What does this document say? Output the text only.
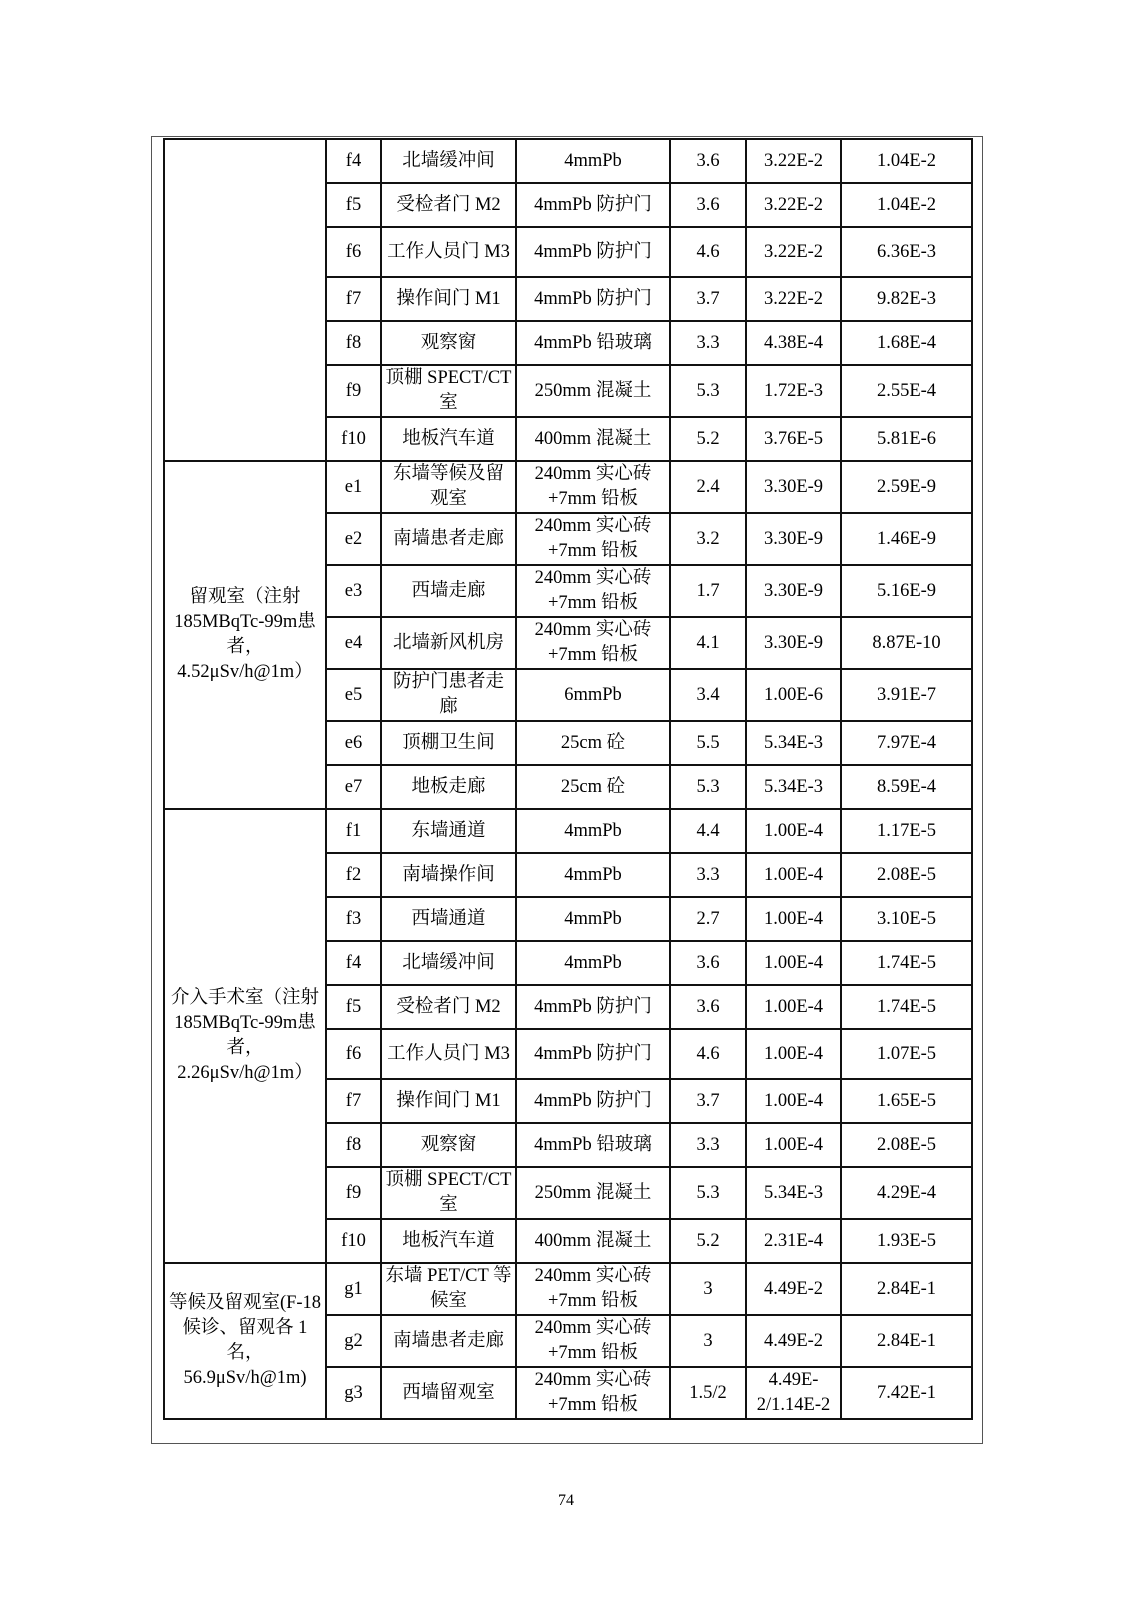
	f4	北墙缓冲间	4mmPb	3.6	3.22E-2	1.04E-2
	f5	受检者门 M2	4mmPb 防护门	3.6	3.22E-2	1.04E-2
	f6	工作人员门 M3	4mmPb 防护门	4.6	3.22E-2	6.36E-3
	f7	操作间门 M1	4mmPb 防护门	3.7	3.22E-2	9.82E-3
	f8	观察窗	4mmPb 铅玻璃	3.3	4.38E-4	1.68E-4
	f9	顶棚 SPECT/CT 室	250mm 混凝土	5.3	1.72E-3	2.55E-4
	f10	地板汽车道	400mm 混凝土	5.2	3.76E-5	5.81E-6
留观室（注射185MBqTc-99m患者，4.52μSv/h@1m）	e1	东墙等候及留观室	240mm 实心砖+7mm 铅板	2.4	3.30E-9	2.59E-9
	e2	南墙患者走廊	240mm 实心砖+7mm 铅板	3.2	3.30E-9	1.46E-9
	e3	西墙走廊	240mm 实心砖+7mm 铅板	1.7	3.30E-9	5.16E-9
	e4	北墙新风机房	240mm 实心砖+7mm 铅板	4.1	3.30E-9	8.87E-10
	e5	防护门患者走廊	6mmPb	3.4	1.00E-6	3.91E-7
	e6	顶棚卫生间	25cm 砼	5.5	5.34E-3	7.97E-4
	e7	地板走廊	25cm 砼	5.3	5.34E-3	8.59E-4
介入手术室（注射185MBqTc-99m患者，2.26μSv/h@1m）	f1	东墙通道	4mmPb	4.4	1.00E-4	1.17E-5
	f2	南墙操作间	4mmPb	3.3	1.00E-4	2.08E-5
	f3	西墙通道	4mmPb	2.7	1.00E-4	3.10E-5
	f4	北墙缓冲间	4mmPb	3.6	1.00E-4	1.74E-5
	f5	受检者门 M2	4mmPb 防护门	3.6	1.00E-4	1.74E-5
	f6	工作人员门 M3	4mmPb 防护门	4.6	1.00E-4	1.07E-5
	f7	操作间门 M1	4mmPb 防护门	3.7	1.00E-4	1.65E-5
	f8	观察窗	4mmPb 铅玻璃	3.3	1.00E-4	2.08E-5
	f9	顶棚 SPECT/CT 室	250mm 混凝土	5.3	5.34E-3	4.29E-4
	f10	地板汽车道	400mm 混凝土	5.2	2.31E-4	1.93E-5
等候及留观室(F-18 候诊、留观各 1 名，56.9μSv/h@1m)	g1	东墙 PET/CT 等候室	240mm 实心砖+7mm 铅板	3	4.49E-2	2.84E-1
	g2	南墙患者走廊	240mm 实心砖+7mm 铅板	3	4.49E-2	2.84E-1
	g3	西墙留观室	240mm 实心砖+7mm 铅板	1.5/2	4.49E-2/1.14E-2	7.42E-1
74
